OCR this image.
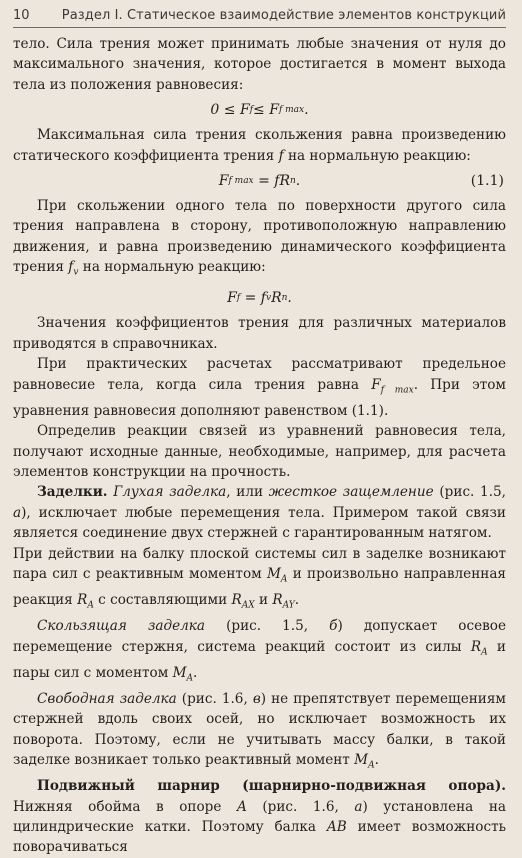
10	Раздел I. Статическое взаимодействие элементов конструкций

тело. Сила трения может принимать любые значения от нуля до максимального значения, которое достигается в момент выхода тела из положения равновесия:

0 ≤ F f ≤ F f max .

Максимальная сила трения скольжения равна произведению статического коэффициента трения f на нормальную реакцию:

F f max = fR n .	(1.1)

При скольжении одного тела по поверхности другого сила трения направлена в сторону, противоположную направлению движения, и равна произведению динамического коэффициента трения $f_v$ на нормальную реакцию:

F f = f v R n .

Значения коэффициентов трения для различных материалов приводятся в справочниках.

При практических расчетах рассматривают предельное равновесие тела, когда сила трения равна $F_{f max}$. При этом уравнения равновесия дополняют равенством (1.1).

Определив реакции связей из уравнений равновесия тела, получают исходные данные, необходимые, например, для расчета элементов конструкции на прочность.

Заделки. Глухая заделка, или жесткое защемление (рис. 1.5, а), исключает любые перемещения тела. Примером такой связи является соединение двух стержней с гарантированным натягом.

При действии на балку плоской системы сил в заделке возникают пара сил с реактивным моментом $M_A$ и произвольно направленная реакция $R_A$ с составляющими $R_{AX}$ и $R_{AY}$.

Скользящая заделка (рис. 1.5, б) допускает осевое перемещение стержня, система реакций состоит из силы $R_A$ и пары сил с моментом $M_A$.

Свободная заделка (рис. 1.6, в) не препятствует перемещениям стержней вдоль своих осей, но исключает возможность их поворота. Поэтому, если не учитывать массу балки, в такой заделке возникает только реактивный момент $M_A$.

Подвижный шарнир (шарнирно-подвижная опора). Нижняя обойма в опоре A (рис. 1.6, а) установлена на цилиндрические катки. Поэтому балка AB имеет возможность поворачиваться
